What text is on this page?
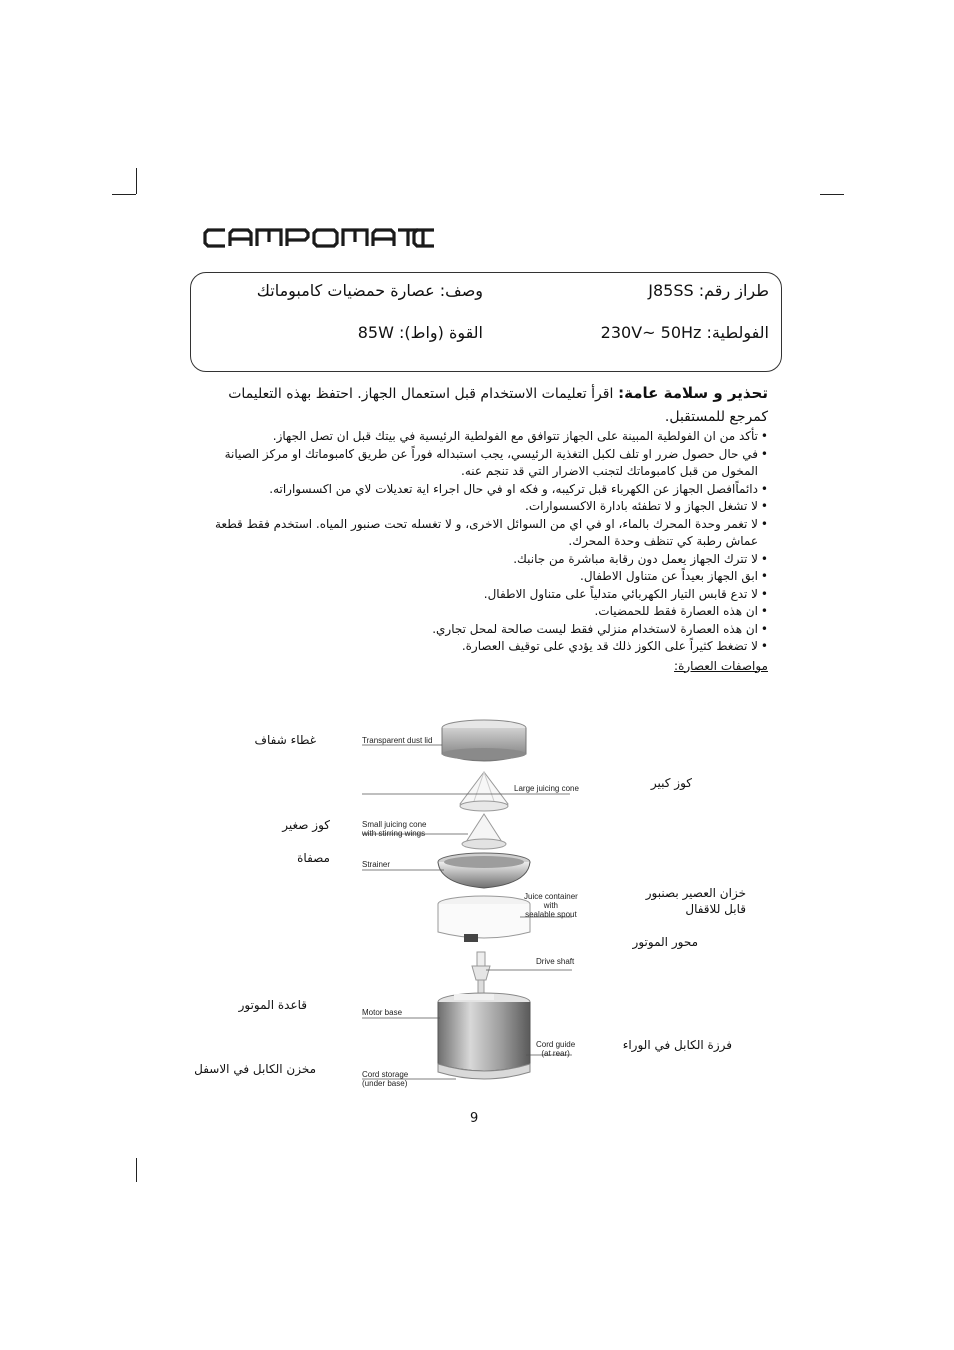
طراز رقم: J85SS
وصف: عصارة حمضيات كامبوماتك
الفولطية: 230V~ 50Hz
القوة (واط): 85W

تحذير و سلامة عامة: اقرأ تعليمات الاستخدام قبل استعمال الجهاز. احتفظ بهذه التعليمات كمرجع للمستقبل.

• تأكد من ان الفولطية المبينة على الجهاز تتوافق مع الفولطية الرئيسية في بيتك قبل ان تصل الجهاز.
• في حال حصول ضرر او تلف لكبل التغذية الرئيسي، يجب استبداله فوراً عن طريق كامبوماتك او مركز الصيانة المخول من قبل كامبوماتك لتجنب الاضرار التي قد تنجم عنه.
• دائماًافصل الجهاز عن الكهرباء قبل تركيبه، و فكه او في حال اجراء اية تعديلات لاي من اكسسواراته.
• لا تشغل الجهاز و لا تطفئه بادارة الاكسسوارات.
• لا تغمر وحدة المحرك بالماء، او في اي من السوائل الاخرى، و لا تغسله تحت صنبور المياه. استخدم فقط قطعة عماش رطبة كي تنظف وحدة المحرك.
• لا تترك الجهاز يعمل دون رقابة مباشرة من جانبك.
• ابق الجهاز بعيداً عن متناول الاطفال.
• لا تدع قابس التيار الكهربائي متدلياً على متناول الاطفال.
• ان هذه العصارة فقط للحمضيات.
• ان هذه العصارة لاستخدام منزلي فقط ليست صالحة لمحل تجاري.
• لا تضغط كثيراً على الكوز ذلك قد يؤدي على توقيف العصارة.
مواصفات العصارة:
Transparent dust lid
Large juicing cone
Small juicing cone
with stirring wings
Strainer
Juice container
with
sealable spout
Drive shaft
Motor base
Cord guide
(at rear)
Cord storage
(under base)
غطاء شفاف
كوز صغير
مصفاة
قاعدة الموتور
مخزن الكابل في الاسفل
كوز كبير
خزان العصير بصنبور
قابل للاقفال
محور الموتور
فرزة الكابل في الوراء
9
